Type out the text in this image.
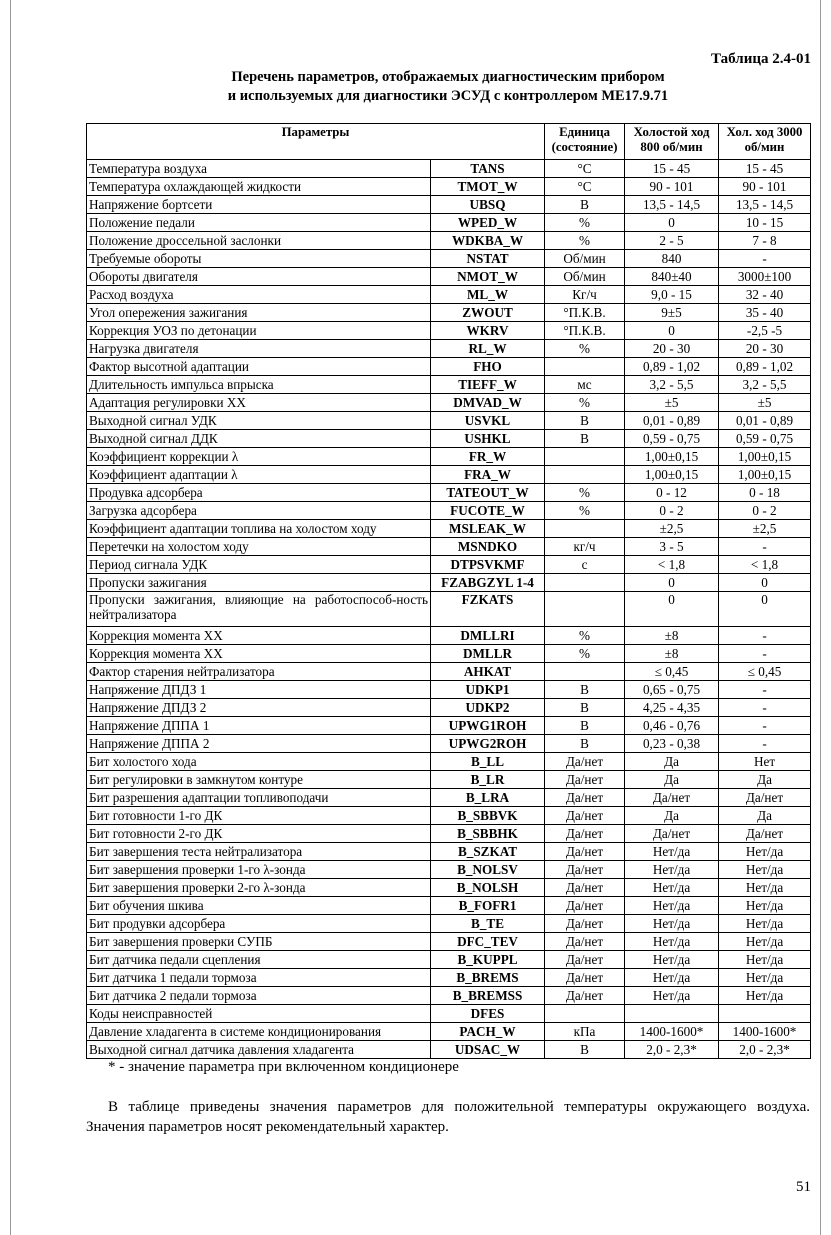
Таблица 2.4-01
Перечень параметров, отображаемых диагностическим прибором
и используемых для диагностики ЭСУД с контроллером МЕ17.9.71
Параметры		Единица (состояние)	Холостой ход 800 об/мин	Хол. ход 3000 об/мин
Температура воздуха	TANS	°С	15 - 45	15 - 45
Температура охлаждающей жидкости	TMOT_W	°С	90 - 101	90 - 101
Напряжение бортсети	UBSQ	В	13,5 - 14,5	13,5 - 14,5
Положение педали	WPED_W	%	0	10 - 15
Положение дроссельной заслонки	WDKBA_W	%	2 - 5	7 - 8
Требуемые обороты	NSTAT	Об/мин	840	-
Обороты двигателя	NMOT_W	Об/мин	840±40	3000±100
Расход воздуха	ML_W	Кг/ч	9,0 - 15	32 - 40
Угол опережения зажигания	ZWOUT	°П.К.В.	9±5	35 - 40
Коррекция УОЗ по детонации	WKRV	°П.К.В.	0	-2,5 -5
Нагрузка двигателя	RL_W	%	20 - 30	20 - 30
Фактор высотной адаптации	FHO		0,89 - 1,02	0,89 - 1,02
Длительность импульса впрыска	TIEFF_W	мс	3,2 - 5,5	3,2 - 5,5
Адаптация регулировки ХХ	DMVAD_W	%	±5	±5
Выходной сигнал УДК	USVKL	В	0,01 - 0,89	0,01 - 0,89
Выходной сигнал ДДК	USHKL	В	0,59 - 0,75	0,59 - 0,75
Коэффициент коррекции λ	FR_W		1,00±0,15	1,00±0,15
Коэффициент адаптации λ	FRA_W		1,00±0,15	1,00±0,15
Продувка адсорбера	TATEOUT_W	%	0 - 12	0 - 18
Загрузка адсорбера	FUCOTE_W	%	0 - 2	0 - 2
Коэффициент адаптации топлива на холостом ходу	MSLEAK_W		±2,5	±2,5
Перетечки на холостом ходу	MSNDKO	кг/ч	3 - 5	-
Период сигнала УДК	DTPSVKMF	с	< 1,8	< 1,8
Пропуски зажигания	FZABGZYL 1-4		0	0
Пропуски зажигания, влияющие на работоспособ-ность нейтрализатора	FZKATS		0	0
Коррекция момента ХХ	DMLLRI	%	±8	-
Коррекция момента ХХ	DMLLR	%	±8	-
Фактор старения нейтрализатора	AHKAT		≤ 0,45	≤ 0,45
Напряжение ДПДЗ 1	UDKP1	В	0,65 - 0,75	-
Напряжение ДПДЗ 2	UDKP2	В	4,25 - 4,35	-
Напряжение ДППА 1	UPWG1ROH	В	0,46 - 0,76	-
Напряжение ДППА 2	UPWG2ROH	В	0,23 - 0,38	-
Бит холостого хода	B_LL	Да/нет	Да	Нет
Бит регулировки в замкнутом контуре	B_LR	Да/нет	Да	Да
Бит разрешения адаптации топливоподачи	B_LRA	Да/нет	Да/нет	Да/нет
Бит готовности 1-го ДК	B_SBBVK	Да/нет	Да	Да
Бит готовности 2-го ДК	B_SBBHK	Да/нет	Да/нет	Да/нет
Бит завершения теста нейтрализатора	B_SZKAT	Да/нет	Нет/да	Нет/да
Бит завершения проверки 1-го λ-зонда	B_NOLSV	Да/нет	Нет/да	Нет/да
Бит завершения проверки 2-го λ-зонда	B_NOLSH	Да/нет	Нет/да	Нет/да
Бит обучения шкива	B_FOFR1	Да/нет	Нет/да	Нет/да
Бит продувки адсорбера	B_TE	Да/нет	Нет/да	Нет/да
Бит завершения проверки СУПБ	DFC_TEV	Да/нет	Нет/да	Нет/да
Бит датчика педали сцепления	B_KUPPL	Да/нет	Нет/да	Нет/да
Бит датчика 1 педали тормоза	B_BREMS	Да/нет	Нет/да	Нет/да
Бит датчика 2 педали тормоза	B_BREMSS	Да/нет	Нет/да	Нет/да
Коды неисправностей	DFES			
Давление хладагента в системе кондиционирования	PACH_W	кПа	1400-1600*	1400-1600*
Выходной сигнал датчика давления хладагента	UDSAC_W	В	2,0 - 2,3*	2,0 - 2,3*
* - значение параметра при включенном кондиционере
В таблице приведены значения параметров для положительной температуры окружающего воздуха. Значения параметров носят рекомендательный характер.
51
